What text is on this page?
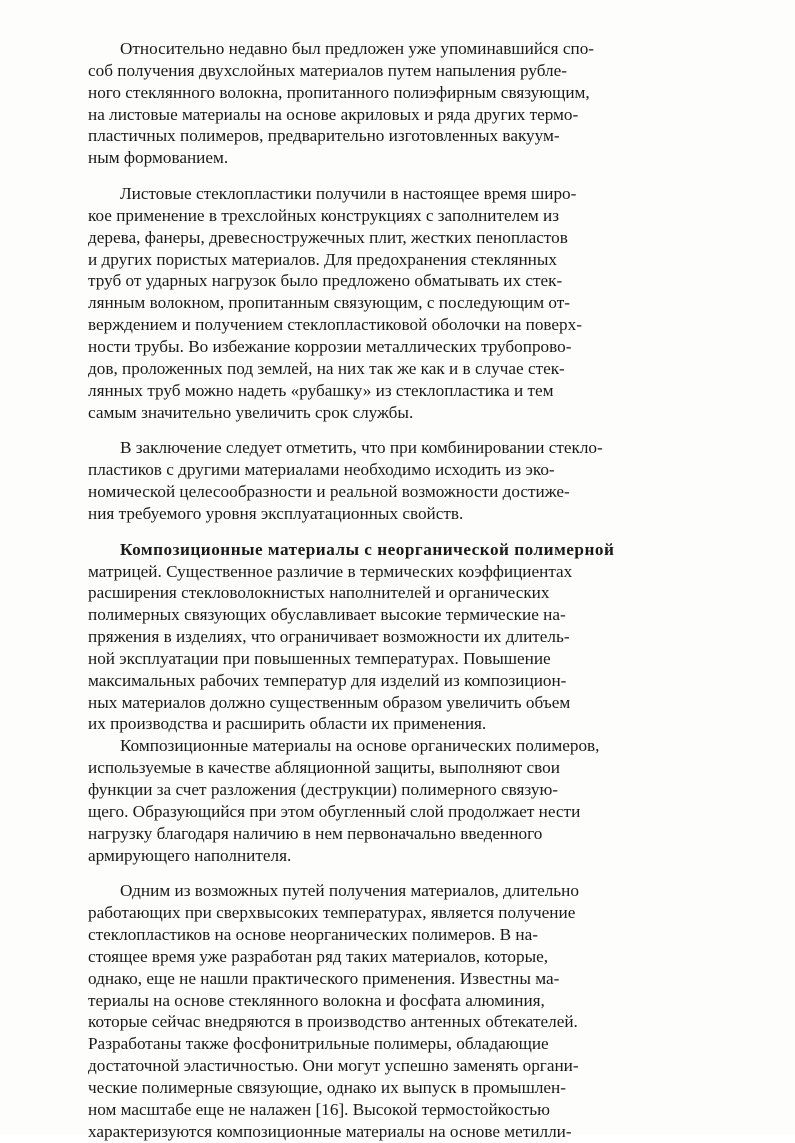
Относительно недавно был предложен уже упоминавшийся спо-
соб получения двухслойных материалов путем напыления рубле-
ного стеклянного волокна, пропитанного полиэфирным связующим,
на листовые материалы на основе акриловых и ряда других термо-
пластичных полимеров, предварительно изготовленных вакуум-
ным формованием.

Листовые стеклопластики получили в настоящее время широ-
кое применение в трехслойных конструкциях с заполнителем из
дерева, фанеры, древесностружечных плит, жестких пенопластов
и других пористых материалов. Для предохранения стеклянных
труб от ударных нагрузок было предложено обматывать их стек-
лянным волокном, пропитанным связующим, с последующим от-
верждением и получением стеклопластиковой оболочки на поверх-
ности трубы. Во избежание коррозии металлических трубопрово-
дов, проложенных под землей, на них так же как и в случае стек-
лянных труб можно надеть «рубашку» из стеклопластика и тем
самым значительно увеличить срок службы.

В заключение следует отметить, что при комбинировании стекло-
пластиков с другими материалами необходимо исходить из эко-
номической целесообразности и реальной возможности достиже-
ния требуемого уровня эксплуатационных свойств.

Композиционные материалы с неорганической полимерной
матрицей. Существенное различие в термических коэффициентах
расширения стекловолокнистых наполнителей и органических
полимерных связующих обуславливает высокие термические на-
пряжения в изделиях, что ограничивает возможности их длитель-
ной эксплуатации при повышенных температурах. Повышение
максимальных рабочих температур для изделий из композицион-
ных материалов должно существенным образом увеличить объем
их производства и расширить области их применения.

Композиционные материалы на основе органических полимеров,
используемые в качестве абляционной защиты, выполняют свои
функции за счет разложения (деструкции) полимерного связую-
щего. Образующийся при этом обугленный слой продолжает нести
нагрузку благодаря наличию в нем первоначально введенного
армирующего наполнителя.

Одним из возможных путей получения материалов, длительно
работающих при сверхвысоких температурах, является получение
стеклопластиков на основе неорганических полимеров. В на-
стоящее время уже разработан ряд таких материалов, которые,
однако, еще не нашли практического применения. Известны ма-
териалы на основе стеклянного волокна и фосфата алюминия,
которые сейчас внедряются в производство антенных обтекателей.
Разработаны также фосфонитрильные полимеры, обладающие
достаточной эластичностью. Они могут успешно заменять органи-
ческие полимерные связующие, однако их выпуск в промышлен-
ном масштабе еще не налажен [16]. Высокой термостойкостью
характеризуются композиционные материалы на основе метилли-
